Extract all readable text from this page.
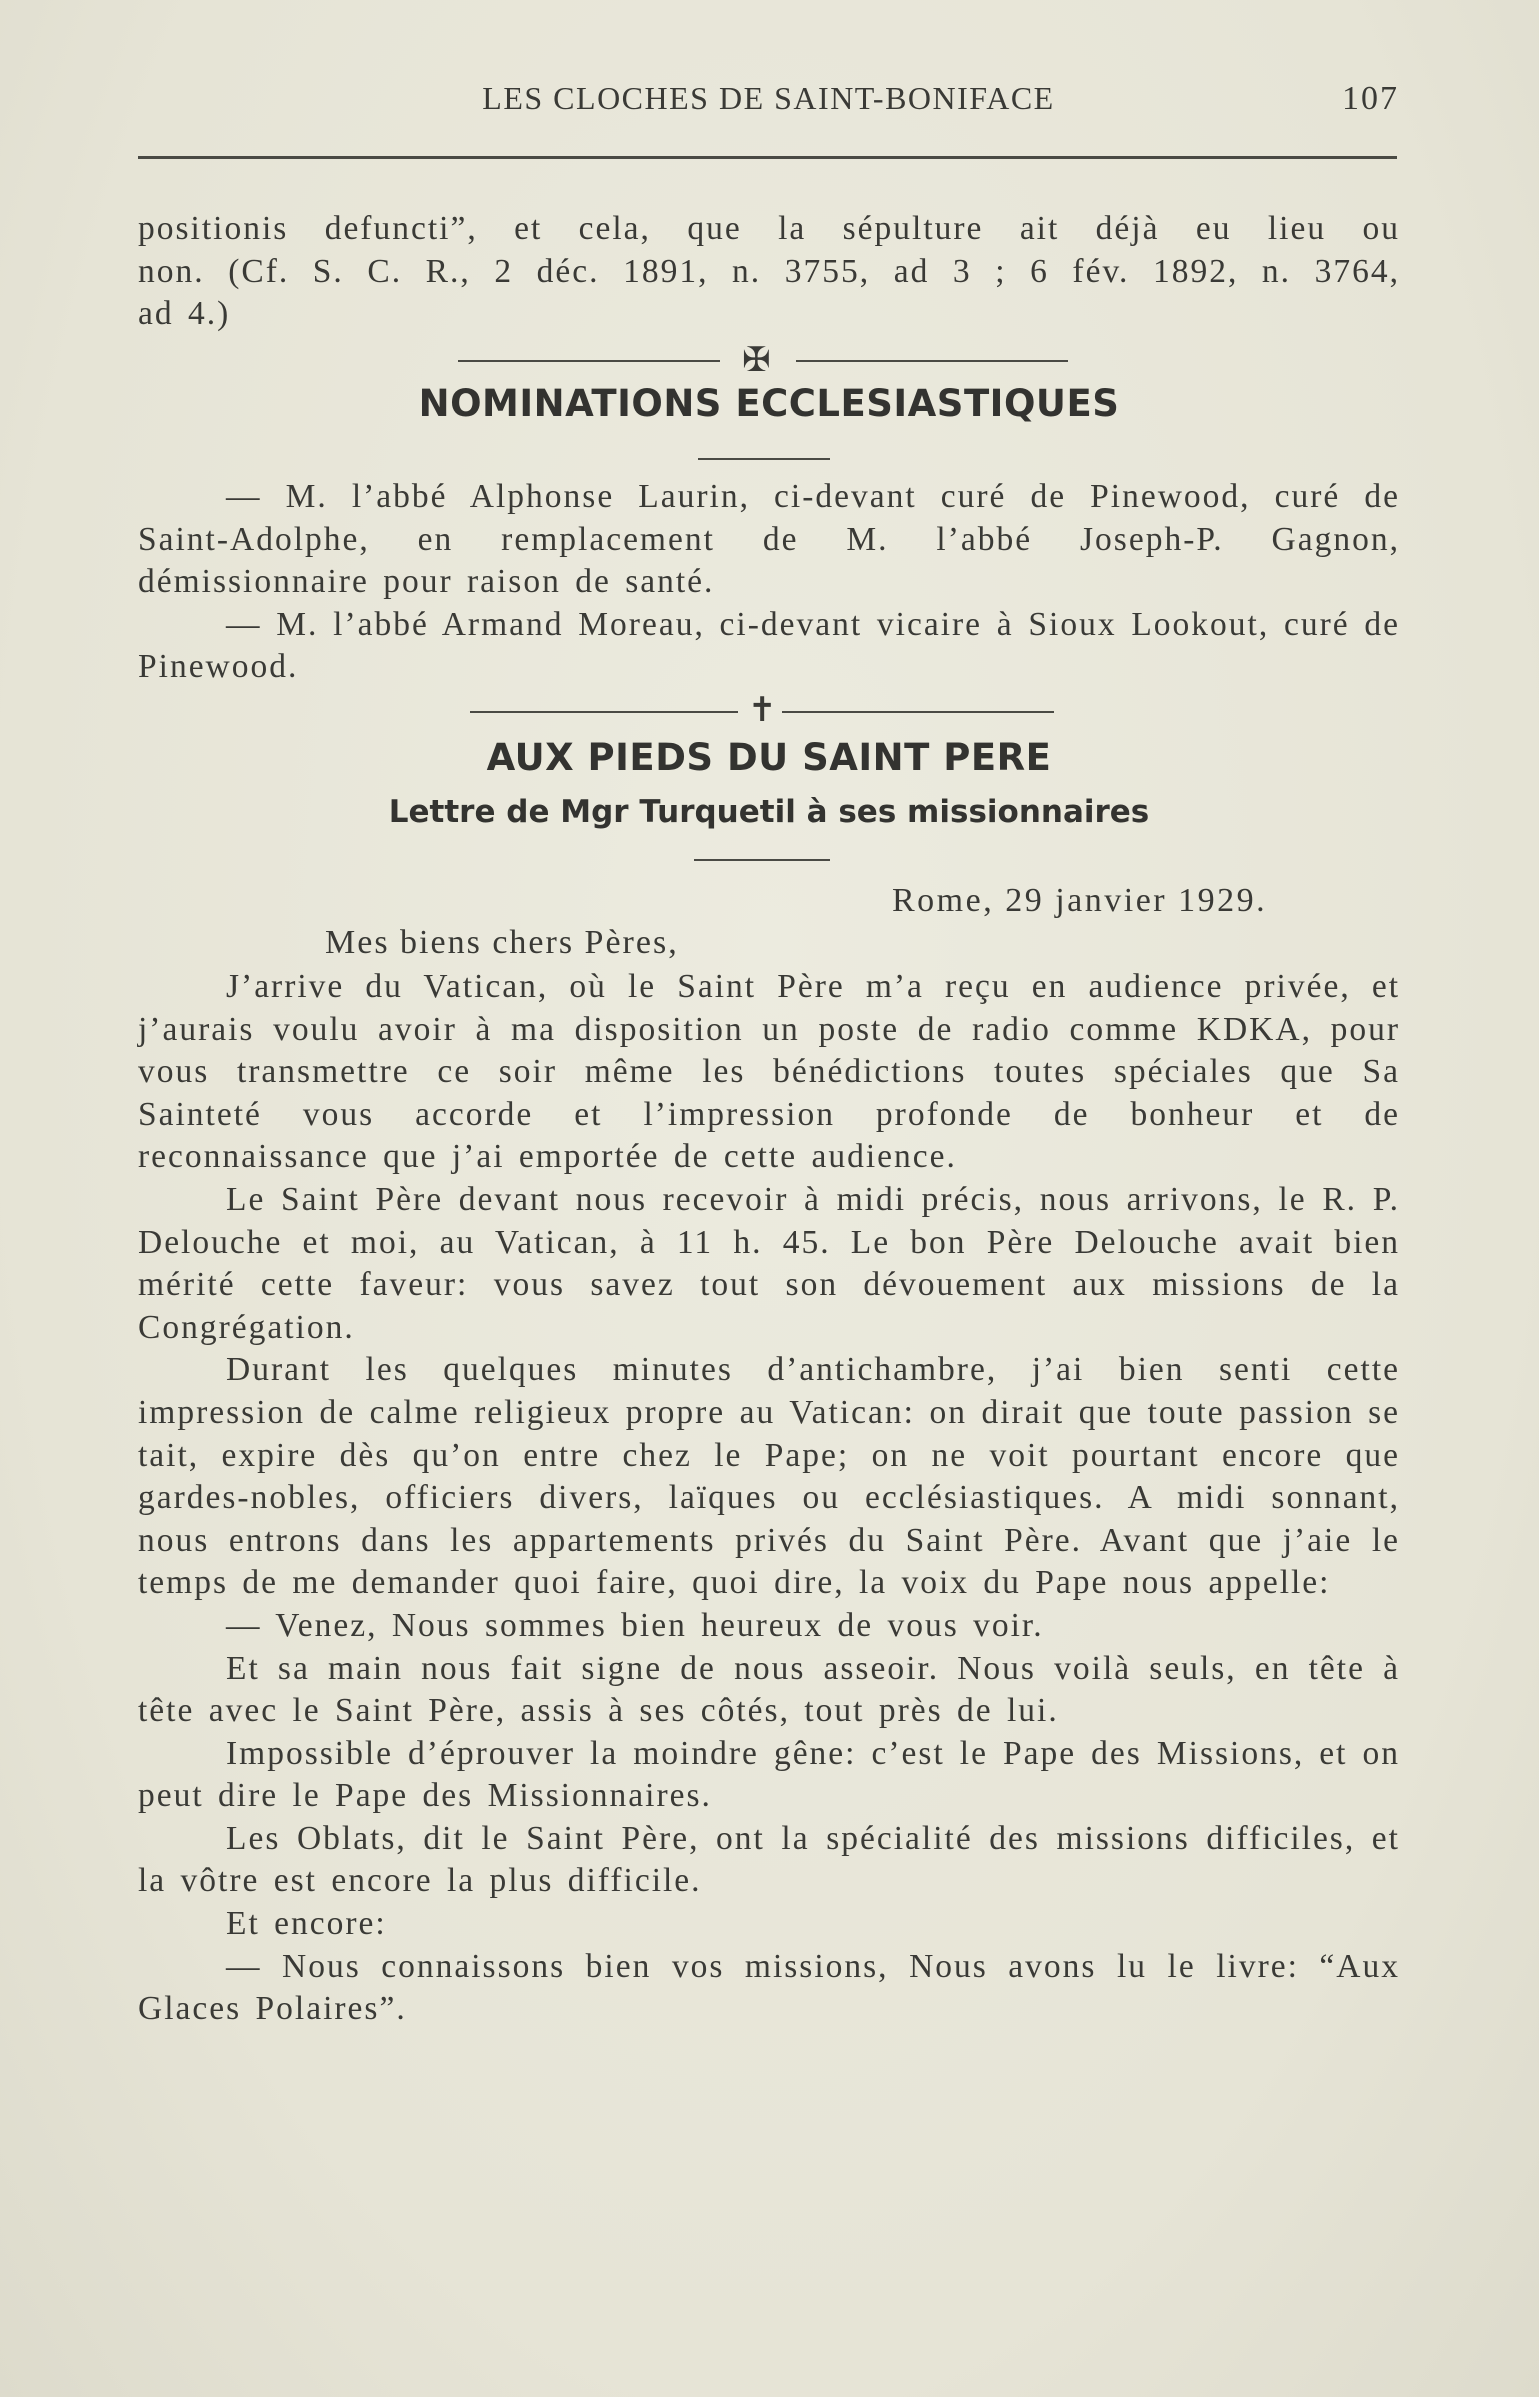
LES CLOCHES DE SAINT-BONIFACE	107
positionis defuncti”, et cela, que la sépulture ait déjà eu lieu ou
non. (Cf. S. C. R., 2 déc. 1891, n. 3755, ad 3 ; 6 fév. 1892, n. 3764,
ad 4.)
✠
NOMINATIONS ECCLESIASTIQUES

— M. l’abbé Alphonse Laurin, ci-devant curé de Pinewood, curé de Saint-Adolphe, en remplacement de M. l’abbé Joseph-P. Gagnon, démissionnaire pour raison de santé.

— M. l’abbé Armand Moreau, ci-devant vicaire à Sioux Lookout, curé de Pinewood.

✝
AUX PIEDS DU SAINT PERE
Lettre de Mgr Turquetil à ses missionnaires
Rome, 29 janvier 1929.
Mes biens chers Pères,

J’arrive du Vatican, où le Saint Père m’a reçu en audience privée, et j’aurais voulu avoir à ma disposition un poste de radio comme KDKA, pour vous transmettre ce soir même les bénédictions toutes spéciales que Sa Sainteté vous accorde et l’impression profonde de bonheur et de reconnaissance que j’ai emportée de cette audience.

Le Saint Père devant nous recevoir à midi précis, nous arrivons, le R. P. Delouche et moi, au Vatican, à 11 h. 45. Le bon Père Delouche avait bien mérité cette faveur: vous savez tout son dévouement aux missions de la Congrégation.

Durant les quelques minutes d’antichambre, j’ai bien senti cette impression de calme religieux propre au Vatican: on dirait que toute passion se tait, expire dès qu’on entre chez le Pape; on ne voit pourtant encore que gardes-nobles, officiers divers, laïques ou ecclésiastiques. A midi sonnant, nous entrons dans les appartements privés du Saint Père. Avant que j’aie le temps de me demander quoi faire, quoi dire, la voix du Pape nous appelle:

— Venez, Nous sommes bien heureux de vous voir.

Et sa main nous fait signe de nous asseoir. Nous voilà seuls, en tête à tête avec le Saint Père, assis à ses côtés, tout près de lui.

Impossible d’éprouver la moindre gêne: c’est le Pape des Missions, et on peut dire le Pape des Missionnaires.

Les Oblats, dit le Saint Père, ont la spécialité des missions difficiles, et la vôtre est encore la plus difficile.

Et encore:

— Nous connaissons bien vos missions, Nous avons lu le livre: “Aux Glaces Polaires”.
